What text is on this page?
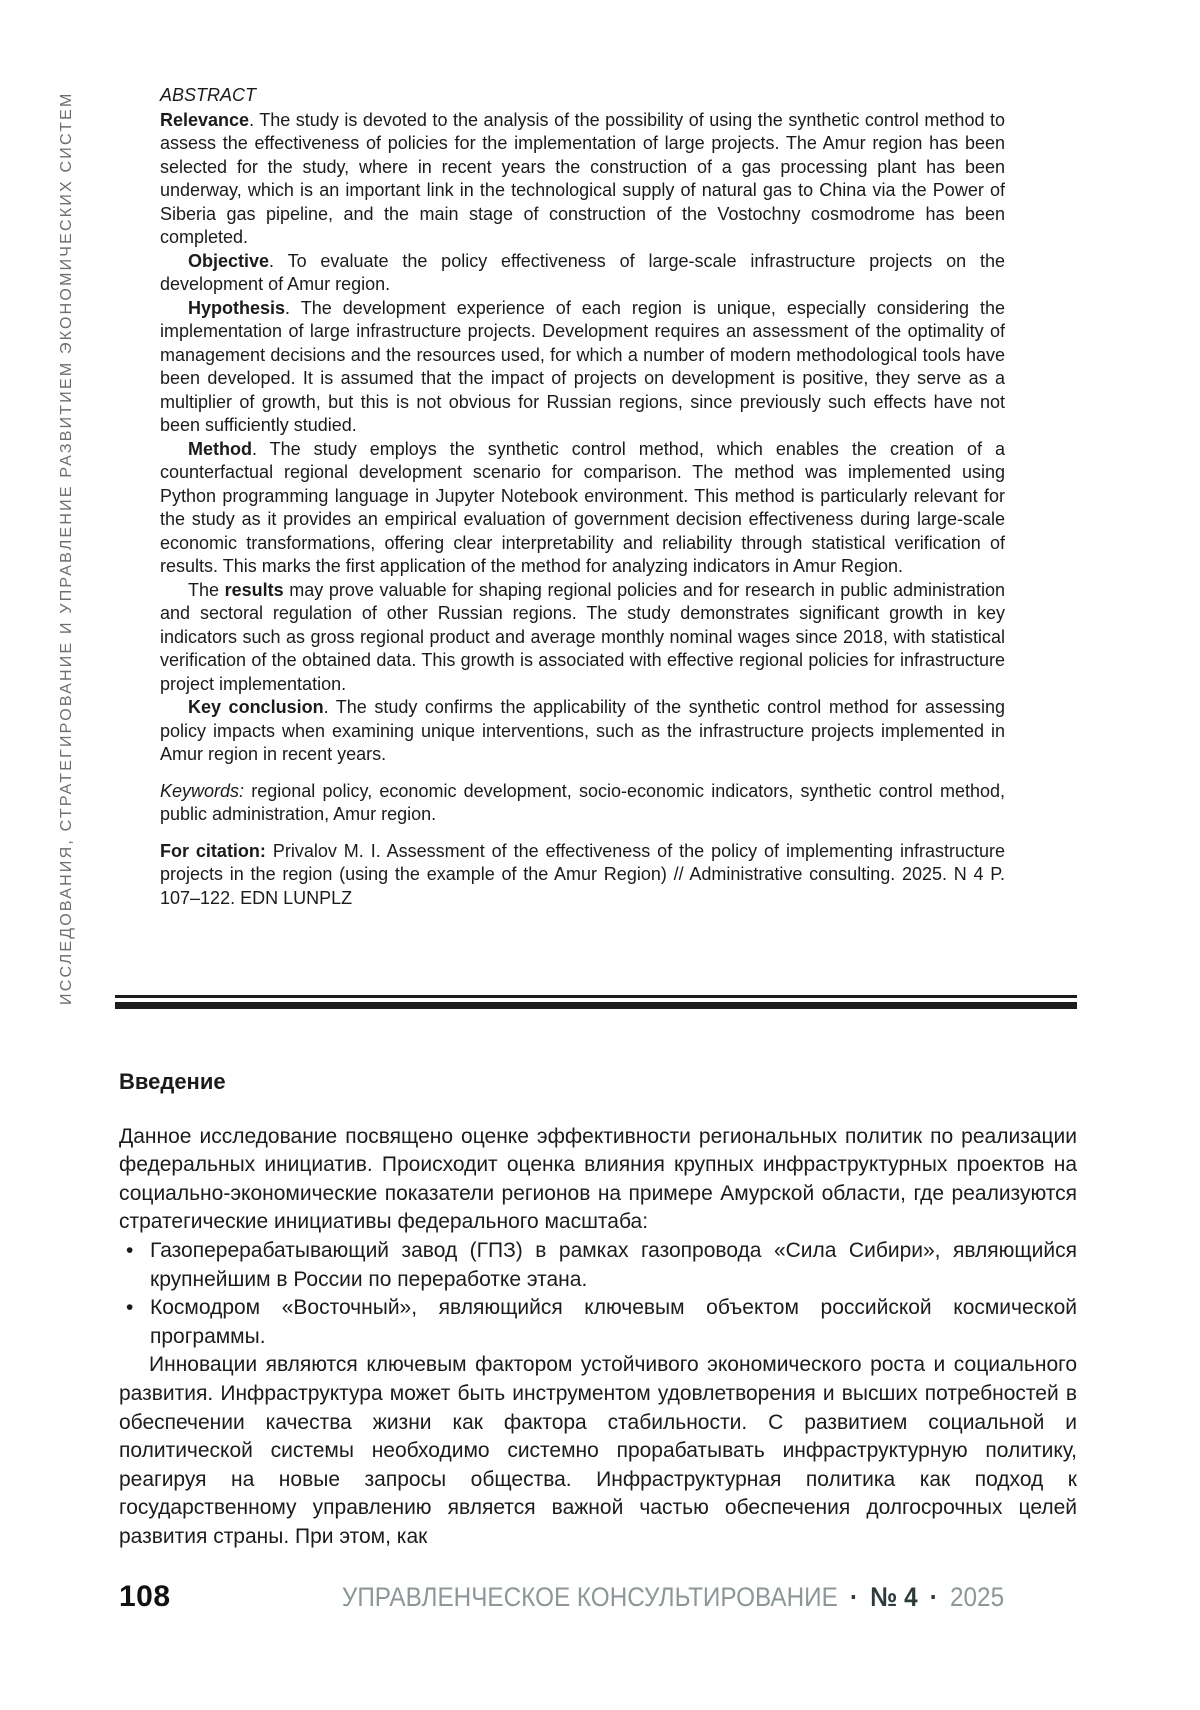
ИССЛЕДОВАНИЯ, СТРАТЕГИРОВАНИЕ И УПРАВЛЕНИЕ РАЗВИТИЕМ ЭКОНОМИЧЕСКИХ СИСТЕМ	ABSTRACT

Relevance. The study is devoted to the analysis of the possibility of using the synthetic control method to assess the effectiveness of policies for the implementation of large projects. The Amur region has been selected for the study, where in recent years the construction of a gas processing plant has been underway, which is an important link in the technological supply of natural gas to China via the Power of Siberia gas pipeline, and the main stage of construction of the Vostochny cosmodrome has been completed.

Objective. To evaluate the policy effectiveness of large-scale infrastructure projects on the development of Amur region.

Hypothesis. The development experience of each region is unique, especially considering the implementation of large infrastructure projects. Development requires an assessment of the optimality of management decisions and the resources used, for which a number of modern methodological tools have been developed. It is assumed that the impact of projects on development is positive, they serve as a multiplier of growth, but this is not obvious for Russian regions, since previously such effects have not been sufficiently studied.

Method. The study employs the synthetic control method, which enables the creation of a counterfactual regional development scenario for comparison. The method was implemented using Python programming language in Jupyter Notebook environment. This method is particularly relevant for the study as it provides an empirical evaluation of government decision effectiveness during large-scale economic transformations, offering clear interpretability and reliability through statistical verification of results. This marks the first application of the method for analyzing indicators in Amur Region.

The results may prove valuable for shaping regional policies and for research in public administration and sectoral regulation of other Russian regions. The study demonstrates significant growth in key indicators such as gross regional product and average monthly nominal wages since 2018, with statistical verification of the obtained data. This growth is associated with effective regional policies for infrastructure project implementation.

Key conclusion. The study confirms the applicability of the synthetic control method for assessing policy impacts when examining unique interventions, such as the infrastructure projects implemented in Amur region in recent years.

Keywords: regional policy, economic development, socio-economic indicators, synthetic control method, public administration, Amur region.

For citation: Privalov M. I. Assessment of the effectiveness of the policy of implementing infrastructure projects in the region (using the example of the Amur Region) // Administrative consulting. 2025. N 4 P. 107–122. EDN LUNPLZ

Введение

Данное исследование посвящено оценке эффективности региональных политик по реализации федеральных инициатив. Происходит оценка влияния крупных инфраструктурных проектов на социально-экономические показатели регионов на примере Амурской области, где реализуются стратегические инициативы федерального масштаба:

• Газоперерабатывающий завод (ГПЗ) в рамках газопровода «Сила Сибири», являющийся крупнейшим в России по переработке этана.
• Космодром «Восточный», являющийся ключевым объектом российской космической программы.

Инновации являются ключевым фактором устойчивого экономического роста и социального развития. Инфраструктура может быть инструментом удовлетворения и высших потребностей в обеспечении качества жизни как фактора стабильности. С развитием социальной и политической системы необходимо системно прорабатывать инфраструктурную политику, реагируя на новые запросы общества. Инфраструктурная политика как подход к государственному управлению является важной частью обеспечения долгосрочных целей развития страны. При этом, как

108	УПРАВЛЕНЧЕСКОЕ КОНСУЛЬТИРОВАНИЕ · № 4 · 2025
